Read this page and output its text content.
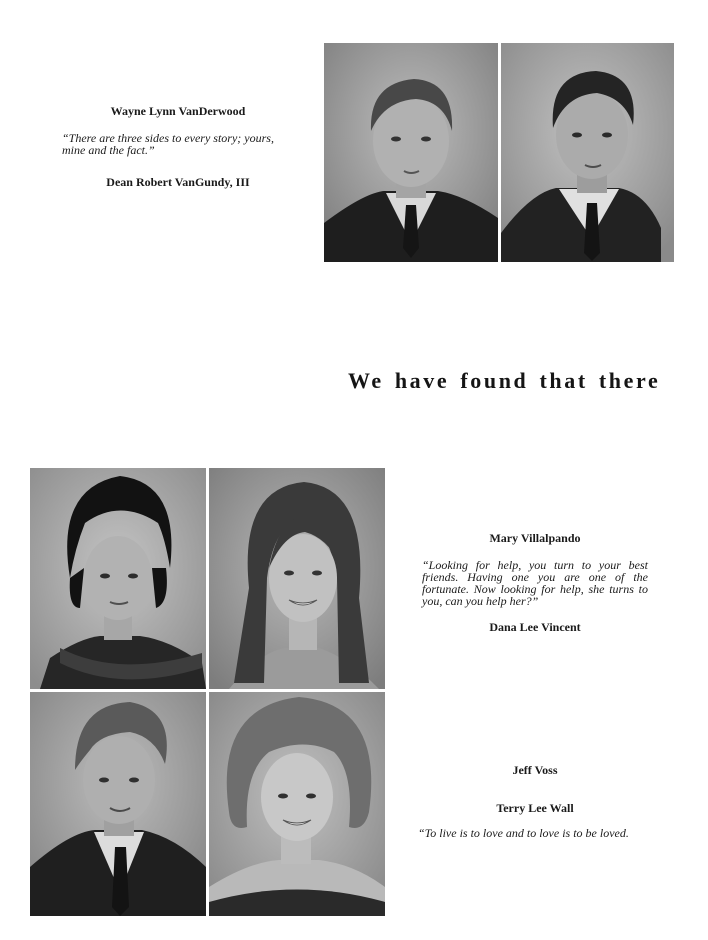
Wayne Lynn VanDerwood
“There are three sides to every story; yours, mine and the fact.”
Dean Robert VanGundy, III
We have found that there
Mary Villalpando
“Looking for help, you turn to your best friends. Having one you are one of the fortunate. Now looking for help, she turns to you, can you help her?”
Dana Lee Vincent
Jeff Voss
Terry Lee Wall
“To live is to love and to love is to be loved.
